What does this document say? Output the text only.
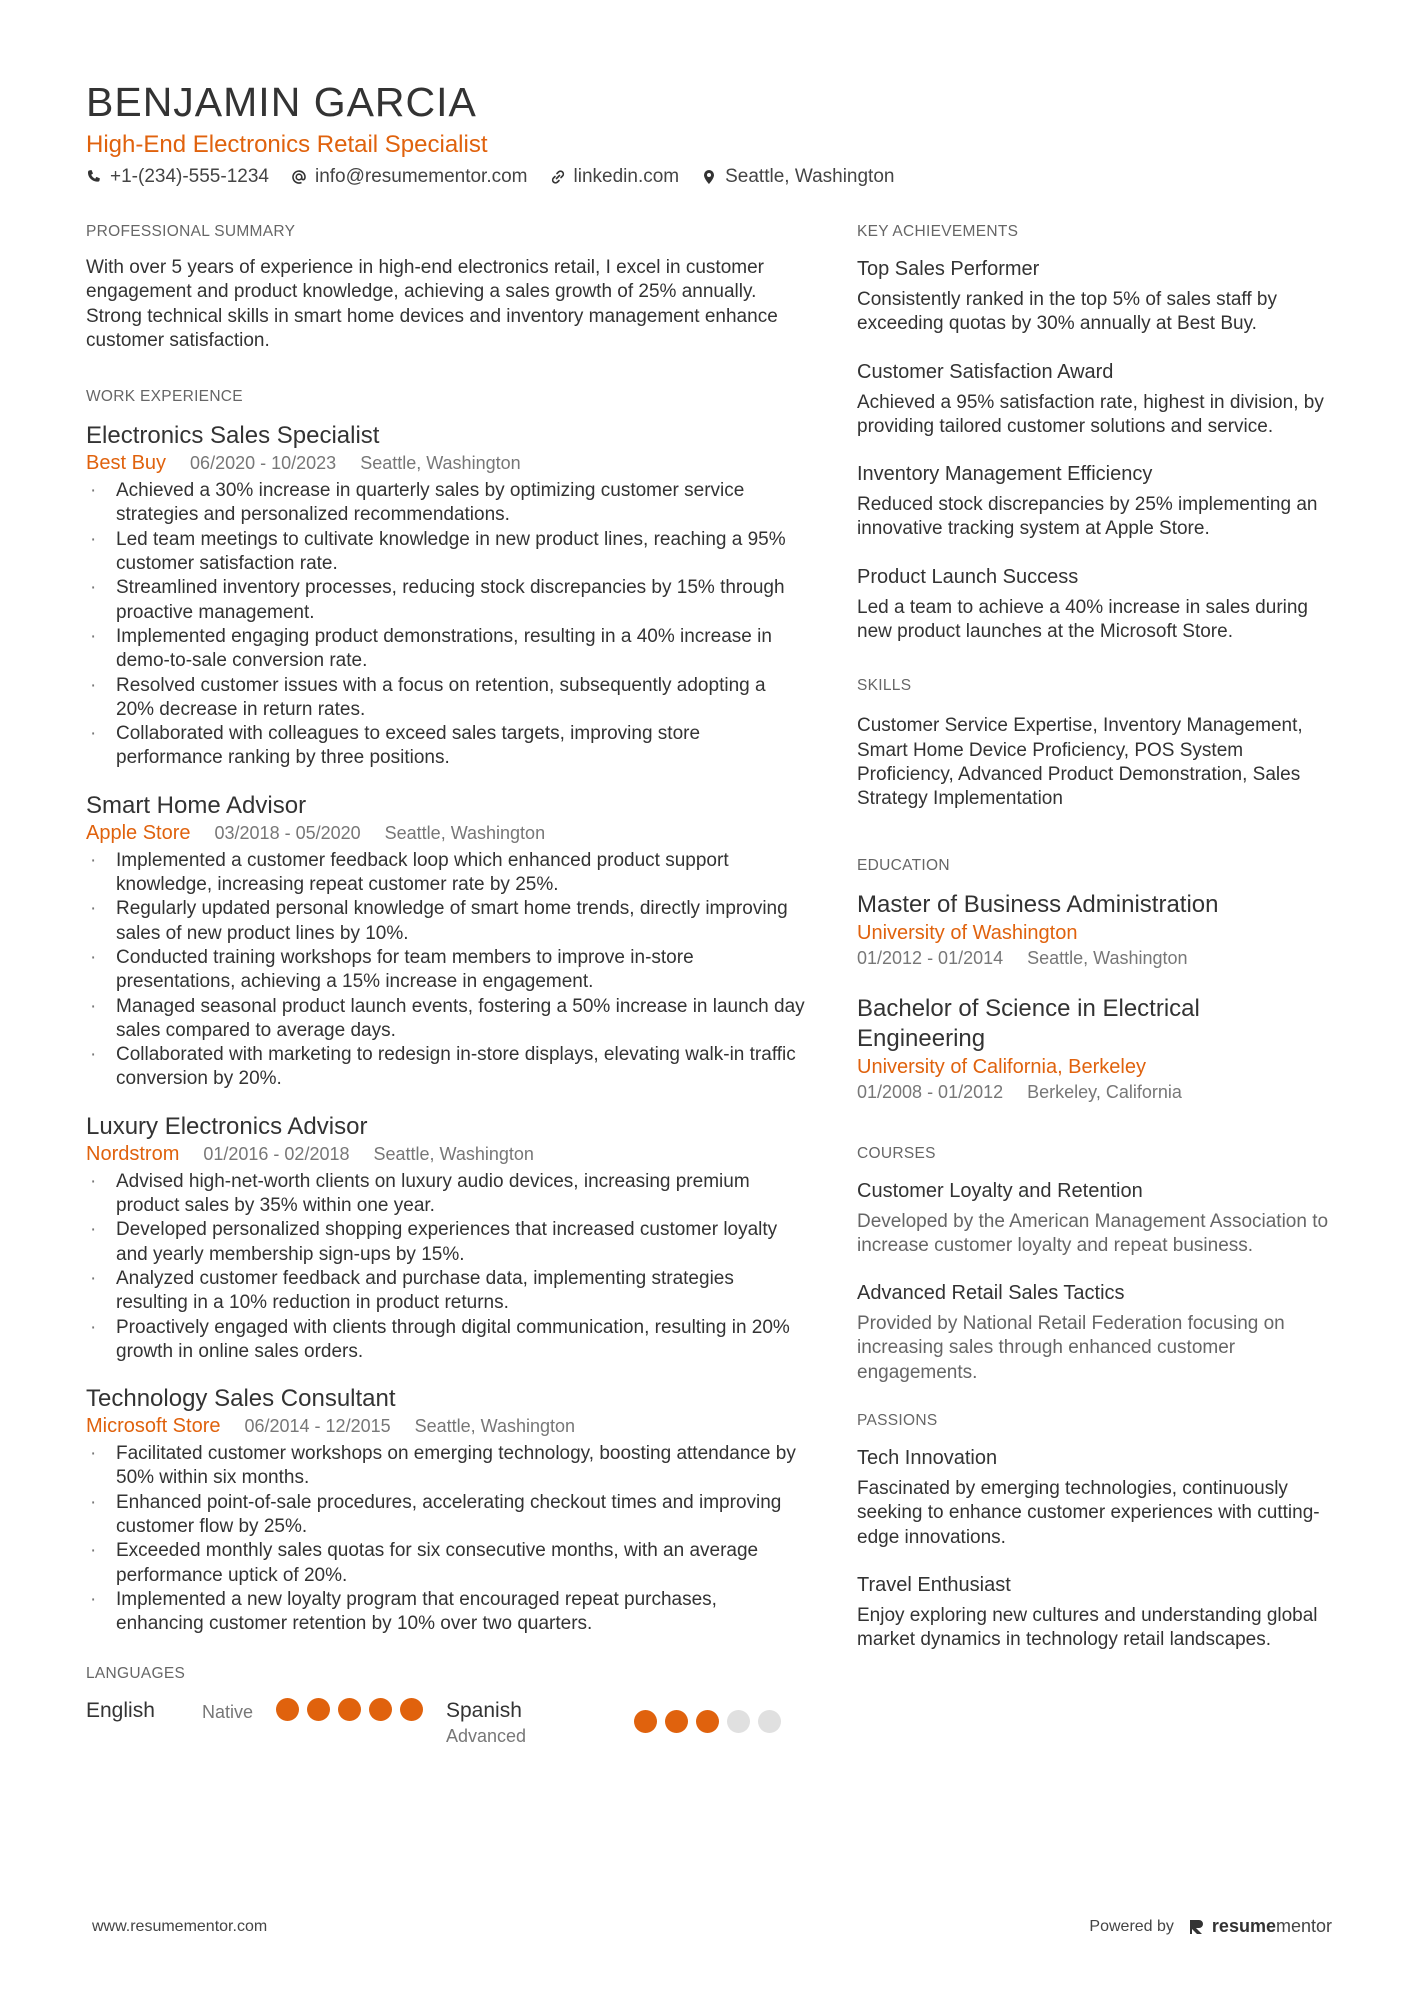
BENJAMIN GARCIA
High-End Electronics Retail Specialist
+1-(234)-555-1234 info@resumementor.com linkedin.com Seattle, Washington
PROFESSIONAL SUMMARY
With over 5 years of experience in high-end electronics retail, I excel in customer engagement and product knowledge, achieving a sales growth of 25% annually. Strong technical skills in smart home devices and inventory management enhance customer satisfaction.
WORK EXPERIENCE
Electronics Sales Specialist
Best Buy 06/2020 - 10/2023 Seattle, Washington
· Achieved a 30% increase in quarterly sales by optimizing customer service strategies and personalized recommendations.
· Led team meetings to cultivate knowledge in new product lines, reaching a 95% customer satisfaction rate.
· Streamlined inventory processes, reducing stock discrepancies by 15% through proactive management.
· Implemented engaging product demonstrations, resulting in a 40% increase in demo-to-sale conversion rate.
· Resolved customer issues with a focus on retention, subsequently adopting a 20% decrease in return rates.
· Collaborated with colleagues to exceed sales targets, improving store performance ranking by three positions.
Smart Home Advisor
Apple Store 03/2018 - 05/2020 Seattle, Washington
· Implemented a customer feedback loop which enhanced product support knowledge, increasing repeat customer rate by 25%.
· Regularly updated personal knowledge of smart home trends, directly improving sales of new product lines by 10%.
· Conducted training workshops for team members to improve in-store presentations, achieving a 15% increase in engagement.
· Managed seasonal product launch events, fostering a 50% increase in launch day sales compared to average days.
· Collaborated with marketing to redesign in-store displays, elevating walk-in traffic conversion by 20%.
Luxury Electronics Advisor
Nordstrom 01/2016 - 02/2018 Seattle, Washington
· Advised high-net-worth clients on luxury audio devices, increasing premium product sales by 35% within one year.
· Developed personalized shopping experiences that increased customer loyalty and yearly membership sign-ups by 15%.
· Analyzed customer feedback and purchase data, implementing strategies resulting in a 10% reduction in product returns.
· Proactively engaged with clients through digital communication, resulting in 20% growth in online sales orders.
Technology Sales Consultant
Microsoft Store 06/2014 - 12/2015 Seattle, Washington
· Facilitated customer workshops on emerging technology, boosting attendance by 50% within six months.
· Enhanced point-of-sale procedures, accelerating checkout times and improving customer flow by 25%.
· Exceeded monthly sales quotas for six consecutive months, with an average performance uptick of 20%.
· Implemented a new loyalty program that encouraged repeat purchases, enhancing customer retention by 10% over two quarters.
LANGUAGES
English	Native	Spanish
Advanced
KEY ACHIEVEMENTS
Top Sales Performer
Consistently ranked in the top 5% of sales staff by exceeding quotas by 30% annually at Best Buy.
Customer Satisfaction Award
Achieved a 95% satisfaction rate, highest in division, by providing tailored customer solutions and service.
Inventory Management Efficiency
Reduced stock discrepancies by 25% implementing an innovative tracking system at Apple Store.
Product Launch Success
Led a team to achieve a 40% increase in sales during new product launches at the Microsoft Store.
SKILLS
Customer Service Expertise, Inventory Management, Smart Home Device Proficiency, POS System Proficiency, Advanced Product Demonstration, Sales Strategy Implementation
EDUCATION
Master of Business Administration
University of Washington
01/2012 - 01/2014 Seattle, Washington
Bachelor of Science in Electrical Engineering
University of California, Berkeley
01/2008 - 01/2012 Berkeley, California
COURSES
Customer Loyalty and Retention
Developed by the American Management Association to increase customer loyalty and repeat business.
Advanced Retail Sales Tactics
Provided by National Retail Federation focusing on increasing sales through enhanced customer engagements.
PASSIONS
Tech Innovation
Fascinated by emerging technologies, continuously seeking to enhance customer experiences with cutting-edge innovations.
Travel Enthusiast
Enjoy exploring new cultures and understanding global market dynamics in technology retail landscapes.
www.resumementor.com	Powered by resumementor
